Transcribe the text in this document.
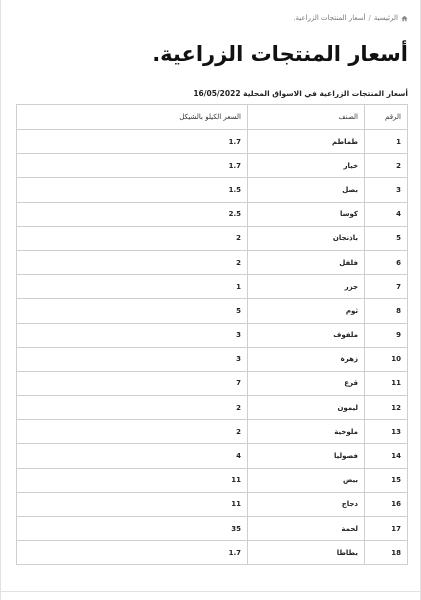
الرئيسية
/
أسعار المنتجات الزراعية.
أسعار المنتجات الزراعية.

أسعار المنتجات الزراعية في الاسواق المحلية 16/05/2022

الرقم	الصنف	السعر الكيلو بالشيكل
1	طماطم	1.7
2	خيار	1.7
3	بصل	1.5
4	كوسا	2.5
5	باذنجان	2
6	فلفل	2
7	جزر	1
8	ثوم	5
9	ملفوف	3
10	زهرة	3
11	قرع	7
12	ليمون	2
13	ملوخية	2
14	فصوليا	4
15	بيض	11
16	دجاج	11
17	لحمة	35
18	بطاطا	1.7
